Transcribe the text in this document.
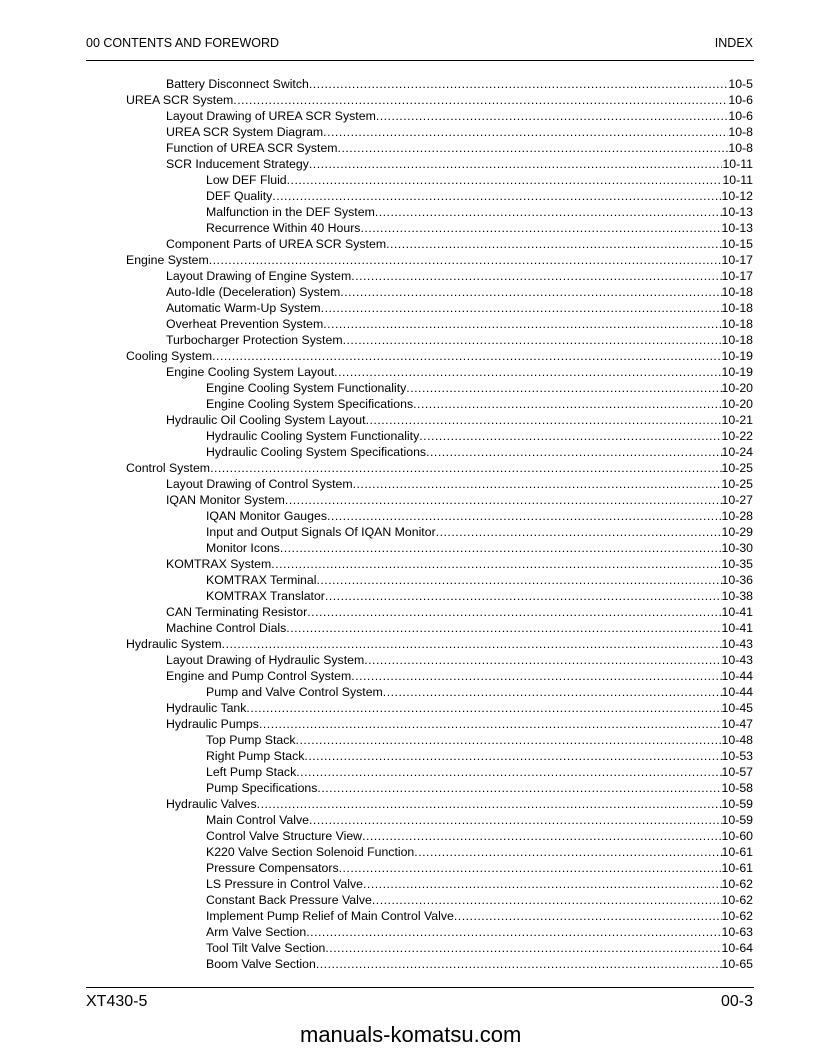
00 CONTENTS AND FOREWORD	INDEX
Battery Disconnect Switch .....	10-5
UREA SCR System .....	10-6
Layout Drawing of UREA SCR System .....	10-6
UREA SCR System Diagram .....	10-8
Function of UREA SCR System .....	10-8
SCR Inducement Strategy .....	10-11
Low DEF Fluid .....	10-11
DEF Quality .....	10-12
Malfunction in the DEF System .....	10-13
Recurrence Within 40 Hours .....	10-13
Component Parts of UREA SCR System .....	10-15
Engine System .....	10-17
Layout Drawing of Engine System .....	10-17
Auto-Idle (Deceleration) System .....	10-18
Automatic Warm-Up System .....	10-18
Overheat Prevention System .....	10-18
Turbocharger Protection System .....	10-18
Cooling System .....	10-19
Engine Cooling System Layout .....	10-19
Engine Cooling System Functionality .....	10-20
Engine Cooling System Specifications .....	10-20
Hydraulic Oil Cooling System Layout .....	10-21
Hydraulic Cooling System Functionality .....	10-22
Hydraulic Cooling System Specifications .....	10-24
Control System .....	10-25
Layout Drawing of Control System .....	10-25
IQAN Monitor System .....	10-27
IQAN Monitor Gauges .....	10-28
Input and Output Signals Of IQAN Monitor .....	10-29
Monitor Icons .....	10-30
KOMTRAX System .....	10-35
KOMTRAX Terminal .....	10-36
KOMTRAX Translator .....	10-38
CAN Terminating Resistor .....	10-41
Machine Control Dials .....	10-41
Hydraulic System .....	10-43
Layout Drawing of Hydraulic System .....	10-43
Engine and Pump Control System .....	10-44
Pump and Valve Control System .....	10-44
Hydraulic Tank .....	10-45
Hydraulic Pumps .....	10-47
Top Pump Stack .....	10-48
Right Pump Stack .....	10-53
Left Pump Stack .....	10-57
Pump Specifications .....	10-58
Hydraulic Valves .....	10-59
Main Control Valve .....	10-59
Control Valve Structure View .....	10-60
K220 Valve Section Solenoid Function .....	10-61
Pressure Compensators .....	10-61
LS Pressure in Control Valve .....	10-62
Constant Back Pressure Valve .....	10-62
Implement Pump Relief of Main Control Valve .....	10-62
Arm Valve Section .....	10-63
Tool Tilt Valve Section .....	10-64
Boom Valve Section .....	10-65
XT430-5	00-3
manuals-komatsu.com
